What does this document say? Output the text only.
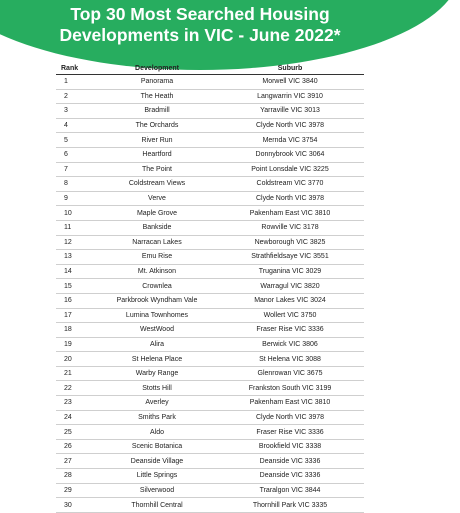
Top 30 Most Searched Housing
Developments in VIC - June 2022*
Rank	Development	Suburb
1	Panorama	Morwell VIC 3840
2	The Heath	Langwarrin VIC 3910
3	Bradmill	Yarraville VIC 3013
4	The Orchards	Clyde North VIC 3978
5	River Run	Mernda VIC 3754
6	Heartford	Donnybrook VIC 3064
7	The Point	Point Lonsdale VIC 3225
8	Coldstream Views	Coldstream VIC 3770
9	Verve	Clyde North VIC 3978
10	Maple Grove	Pakenham East VIC 3810
11	Bankside	Rowville VIC 3178
12	Narracan Lakes	Newborough VIC 3825
13	Emu Rise	Strathfieldsaye VIC 3551
14	Mt. Atkinson	Truganina VIC 3029
15	Crownlea	Warragul VIC 3820
16	Parkbrook Wyndham Vale	Manor Lakes VIC 3024
17	Lumina Townhomes	Wollert VIC 3750
18	WestWood	Fraser Rise VIC 3336
19	Alira	Berwick VIC 3806
20	St Helena Place	St Helena VIC 3088
21	Warby Range	Glenrowan VIC 3675
22	Stotts Hill	Frankston South VIC 3199
23	Averley	Pakenham East VIC 3810
24	Smiths Park	Clyde North VIC 3978
25	Aldo	Fraser Rise VIC 3336
26	Scenic Botanica	Brookfield VIC 3338
27	Deanside Village	Deanside VIC 3336
28	Little Springs	Deanside VIC 3336
29	Silverwood	Traralgon VIC 3844
30	Thornhill Central	Thornhill Park VIC 3335
